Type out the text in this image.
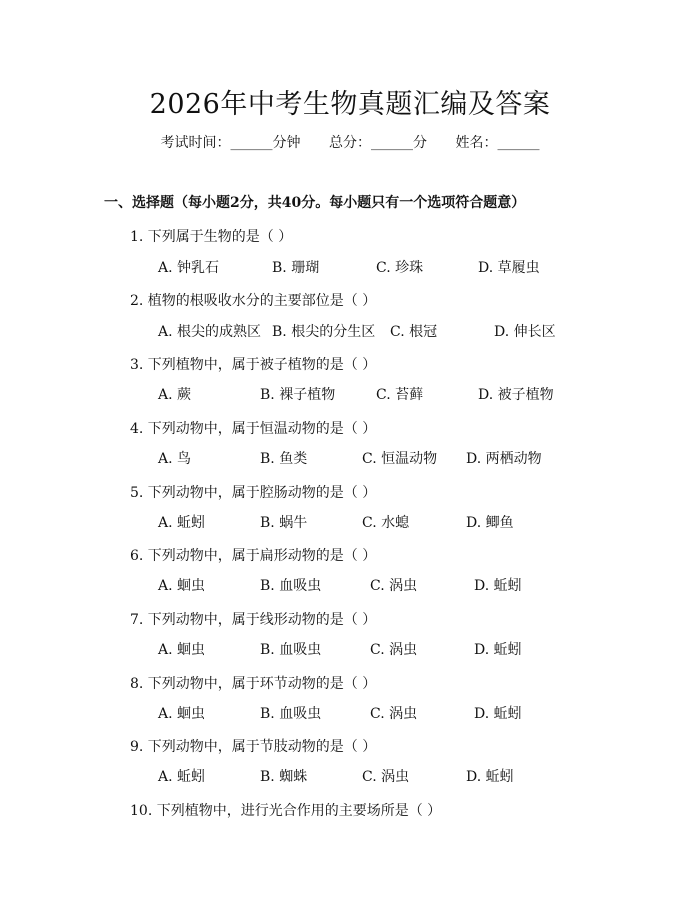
2026年中考生物真题汇编及答案
考试时间：______分钟 总分：______分 姓名：______
一、选择题（每小题2分，共40分。每小题只有一个选项符合题意）
1. 下列属于生物的是（ ）
A. 钟乳石	B. 珊瑚	C. 珍珠	D. 草履虫
2. 植物的根吸收水分的主要部位是（ ）
A. 根尖的成熟区 B. 根尖的分生区 C. 根冠	D. 伸长区
3. 下列植物中，属于被子植物的是（ ）
A. 蕨	B. 裸子植物	C. 苔藓	D. 被子植物
4. 下列动物中，属于恒温动物的是（ ）
A. 鸟	B. 鱼类	C. 恒温动物 D. 两栖动物
5. 下列动物中，属于腔肠动物的是（ ）
A. 蚯蚓	B. 蜗牛	C. 水螅	D. 鲫鱼
6. 下列动物中，属于扁形动物的是（ ）
A. 蛔虫	B. 血吸虫	C. 涡虫	D. 蚯蚓
7. 下列动物中，属于线形动物的是（ ）
A. 蛔虫	B. 血吸虫	C. 涡虫	D. 蚯蚓
8. 下列动物中，属于环节动物的是（ ）
A. 蛔虫	B. 血吸虫	C. 涡虫	D. 蚯蚓
9. 下列动物中，属于节肢动物的是（ ）
A. 蚯蚓	B. 蜘蛛	C. 涡虫	D. 蚯蚓
10. 下列植物中，进行光合作用的主要场所是（ ）
